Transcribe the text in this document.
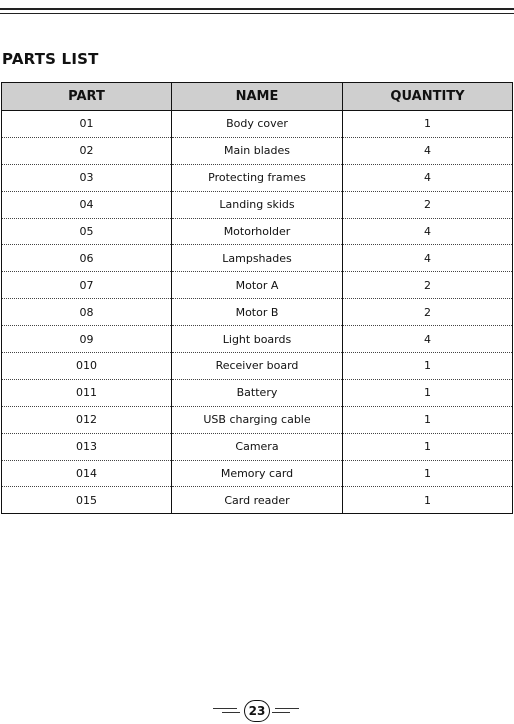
PARTS LIST
PART	NAME	QUANTITY
01	Body cover	1
02	Main blades	4
03	Protecting frames	4
04	Landing skids	2
05	Motorholder	4
06	Lampshades	4
07	Motor A	2
08	Motor B	2
09	Light boards	4
010	Receiver board	1
011	Battery	1
012	USB charging cable	1
013	Camera	1
014	Memory card	1
015	Card reader	1
23
